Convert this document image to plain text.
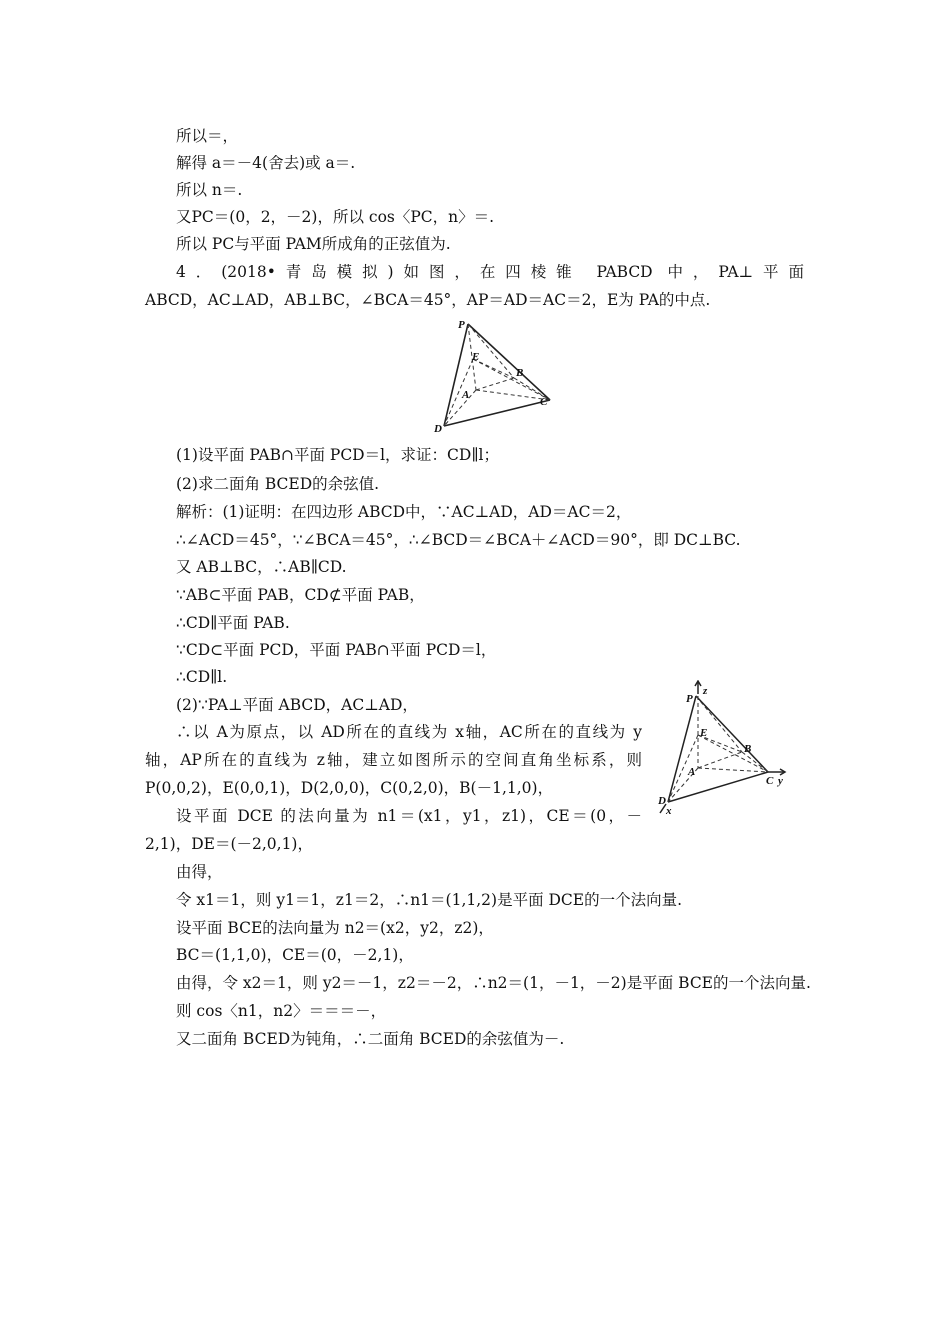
所以＝，
解得 a＝－4(舍去)或 a＝.
所以 n＝.
又PC＝(0，2，－2)，所以 cos〈PC，n〉＝.
所以 PC与平面 PAM所成角的正弦值为.
4．(2018•青岛模拟)如图，在四棱锥 PABCD 中，PA⊥平面
ABCD，AC⊥AD，AB⊥BC，∠BCA＝45°，AP＝AD＝AC＝2，E为 PA的中点.
P
E
B
A
C
D
(1)设平面 PAB∩平面 PCD＝l，求证：CD∥l；
(2)求二面角 BCED的余弦值.
解析：(1)证明：在四边形 ABCD中，∵AC⊥AD，AD＝AC＝2，
∴∠ACD＝45°，∵∠BCA＝45°，∴∠BCD＝∠BCA＋∠ACD＝90°，即 DC⊥BC.
又 AB⊥BC，∴AB∥CD.
∵AB⊂平面 PAB，CD⊄平面 PAB，
∴CD∥平面 PAB.
∵CD⊂平面 PCD，平面 PAB∩平面 PCD＝l，
∴CD∥l.
(2)∵PA⊥平面 ABCD，AC⊥AD，
∴以 A为原点，以 AD所在的直线为 x轴，AC所在的直线为 y
轴，AP所在的直线为 z轴，建立如图所示的空间直角坐标系，则
P(0,0,2)，E(0,0,1)，D(2,0,0)，C(0,2,0)，B(－1,1,0)，
设平面 DCE 的法向量为 n1＝(x1，y1，z1)，CE＝(0，－
2,1)，DE＝(－2,0,1)，
P
z
E
B
A
C y
D
x
由得，
令 x1＝1，则 y1＝1，z1＝2，∴n1＝(1,1,2)是平面 DCE的一个法向量.
设平面 BCE的法向量为 n2＝(x2，y2，z2)，
BC＝(1,1,0)，CE＝(0，－2,1)，
由得，令 x2＝1，则 y2＝－1，z2＝－2，∴n2＝(1，－1，－2)是平面 BCE的一个法向量.
则 cos〈n1，n2〉＝＝＝－，
又二面角 BCED为钝角，∴二面角 BCED的余弦值为－.
